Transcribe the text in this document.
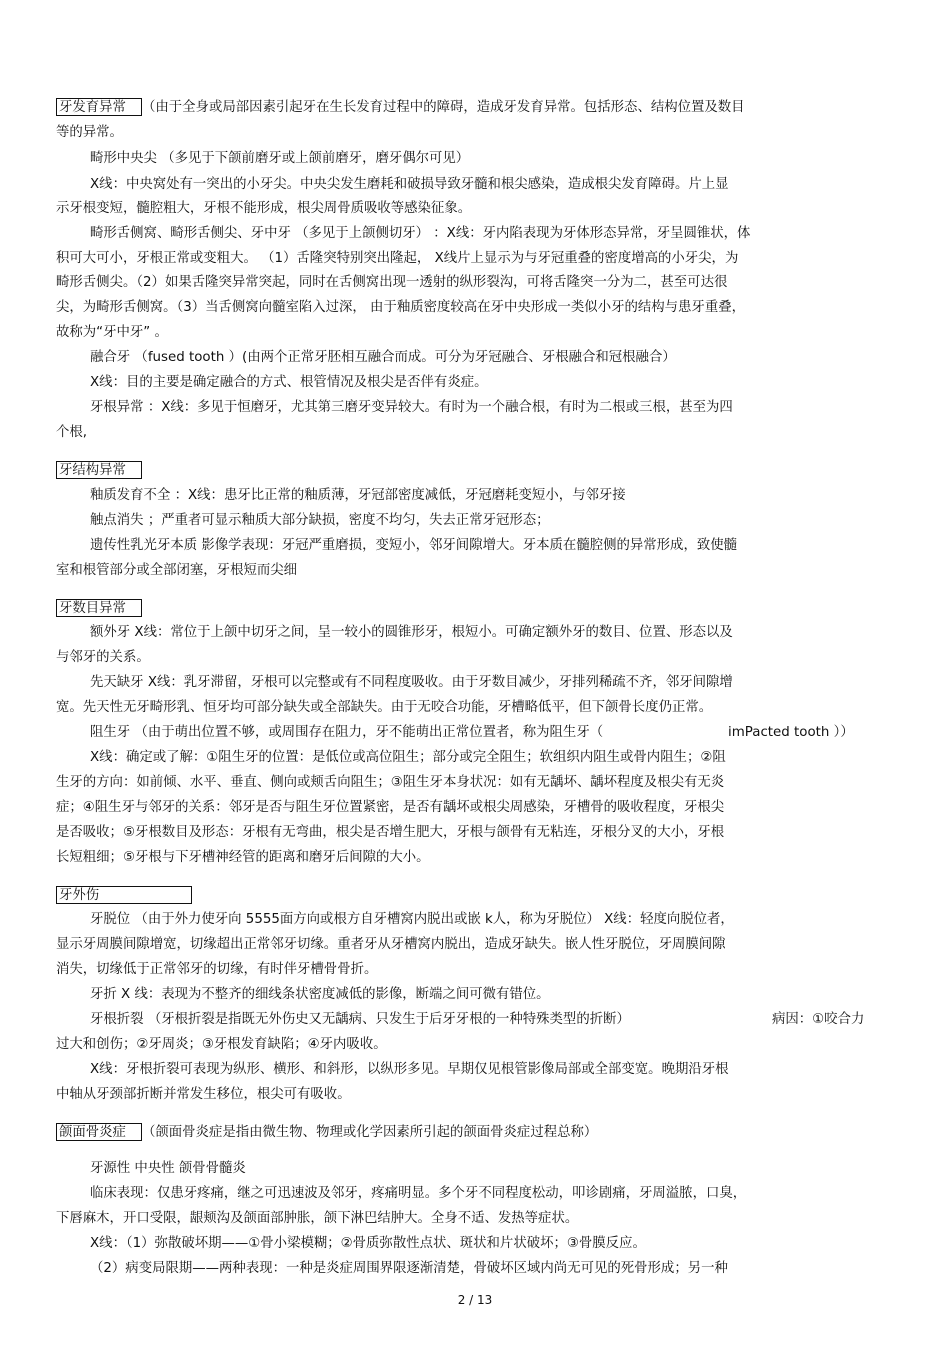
牙发育异常 （由于全身或局部因素引起牙在生长发育过程中的障碍，造成牙发育异常。包括形态、结构位置及数目
等的异常。
畸形中央尖 （多见于下颌前磨牙或上颌前磨牙，磨牙偶尔可见）
X线：中央窝处有一突出的小牙尖。中央尖发生磨耗和破损导致牙髓和根尖感染，造成根尖发育障碍。片上显
示牙根变短，髓腔粗大，牙根不能形成，根尖周骨质吸收等感染征象。
畸形舌侧窝、畸形舌侧尖、牙中牙 （多见于上颌侧切牙） ：X线：牙内陷表现为牙体形态异常，牙呈圆锥状，体
积可大可小，牙根正常或变粗大。 （1）舌隆突特别突出隆起， X线片上显示为与牙冠重叠的密度增高的小牙尖，为
畸形舌侧尖。（2）如果舌隆突异常突起，同时在舌侧窝出现一透射的纵形裂沟，可将舌隆突一分为二，甚至可达很
尖，为畸形舌侧窝。（3）当舌侧窝向髓室陷入过深， 由于釉质密度较高在牙中央形成一类似小牙的结构与患牙重叠，
故称为“牙中牙” 。
融合牙 （fused tooth ）(由两个正常牙胚相互融合而成。可分为牙冠融合、牙根融合和冠根融合）
X线：目的主要是确定融合的方式、根管情况及根尖是否伴有炎症。
牙根异常 ：X线：多见于恒磨牙，尤其第三磨牙变异较大。有时为一个融合根，有时为二根或三根，甚至为四
个根,
牙结构异常
釉质发育不全 ：X线：患牙比正常的釉质薄，牙冠部密度减低，牙冠磨耗变短小，与邻牙接
触点消失 ；严重者可显示釉质大部分缺损，密度不均匀，失去正常牙冠形态；
遗传性乳光牙本质 影像学表现：牙冠严重磨损，变短小，邻牙间隙增大。牙本质在髓腔侧的异常形成，致使髓
室和根管部分或全部闭塞，牙根短而尖细
牙数目异常
额外牙 X线：常位于上颌中切牙之间，呈一较小的圆锥形牙，根短小。可确定额外牙的数目、位置、形态以及
与邻牙的关系。
先天缺牙 X线：乳牙滞留，牙根可以完整或有不同程度吸收。由于牙数目减少，牙排列稀疏不齐，邻牙间隙增
宽。先天性无牙畸形乳、恒牙均可部分缺失或全部缺失。由于无咬合功能，牙槽略低平，但下颌骨长度仍正常。
阻生牙 （由于萌出位置不够，或周围存在阻力，牙不能萌出正常位置者，称为阻生牙（	imPacted tooth ））
X线：确定或了解：①阻生牙的位置：是低位或高位阻生；部分或完全阻生；软组织内阻生或骨内阻生；②阻
生牙的方向：如前倾、水平、垂直、侧向或颊舌向阻生；③阻生牙本身状况：如有无龋坏、龋坏程度及根尖有无炎
症；④阻生牙与邻牙的关系：邻牙是否与阻生牙位置紧密，是否有龋坏或根尖周感染，牙槽骨的吸收程度，牙根尖
是否吸收；⑤牙根数目及形态：牙根有无弯曲，根尖是否增生肥大，牙根与颌骨有无粘连，牙根分叉的大小，牙根
长短粗细；⑤牙根与下牙槽神经管的距离和磨牙后间隙的大小。
牙外伤
牙脱位 （由于外力使牙向 5555面方向或根方自牙槽窝内脱出或嵌 k人，称为牙脱位） X线：轻度向脱位者，
显示牙周膜间隙增宽，切缘超出正常邻牙切缘。重者牙从牙槽窝内脱出，造成牙缺失。嵌人性牙脱位，牙周膜间隙
消失，切缘低于正常邻牙的切缘，有时伴牙槽骨骨折。
牙折 X 线：表现为不整齐的细线条状密度减低的影像，断端之间可微有错位。
牙根折裂 （牙根折裂是指既无外伤史又无龋病、只发生于后牙牙根的一种特殊类型的折断）	病因：①咬合力
过大和创伤；②牙周炎；③牙根发育缺陷；④牙内吸收。
X线：牙根折裂可表现为纵形、横形、和斜形，以纵形多见。早期仅见根管影像局部或全部变宽。晚期沿牙根
中轴从牙颈部折断并常发生移位，根尖可有吸收。
颌面骨炎症 （颌面骨炎症是指由微生物、物理或化学因素所引起的颌面骨炎症过程总称）
牙源性 中央性 颌骨骨髓炎
临床表现：仅患牙疼痛，继之可迅速波及邻牙，疼痛明显。多个牙不同程度松动，叩诊剧痛，牙周溢脓，口臭，
下唇麻木，开口受限，龈颊沟及颌面部肿胀，颌下淋巴结肿大。全身不适、发热等症状。
X线：（1）弥散破坏期——①骨小梁模糊；②骨质弥散性点状、斑状和片状破坏；③骨膜反应。
（2）病变局限期——两种表现：一种是炎症周围界限逐渐清楚，骨破坏区域内尚无可见的死骨形成；另一种
2 / 13
